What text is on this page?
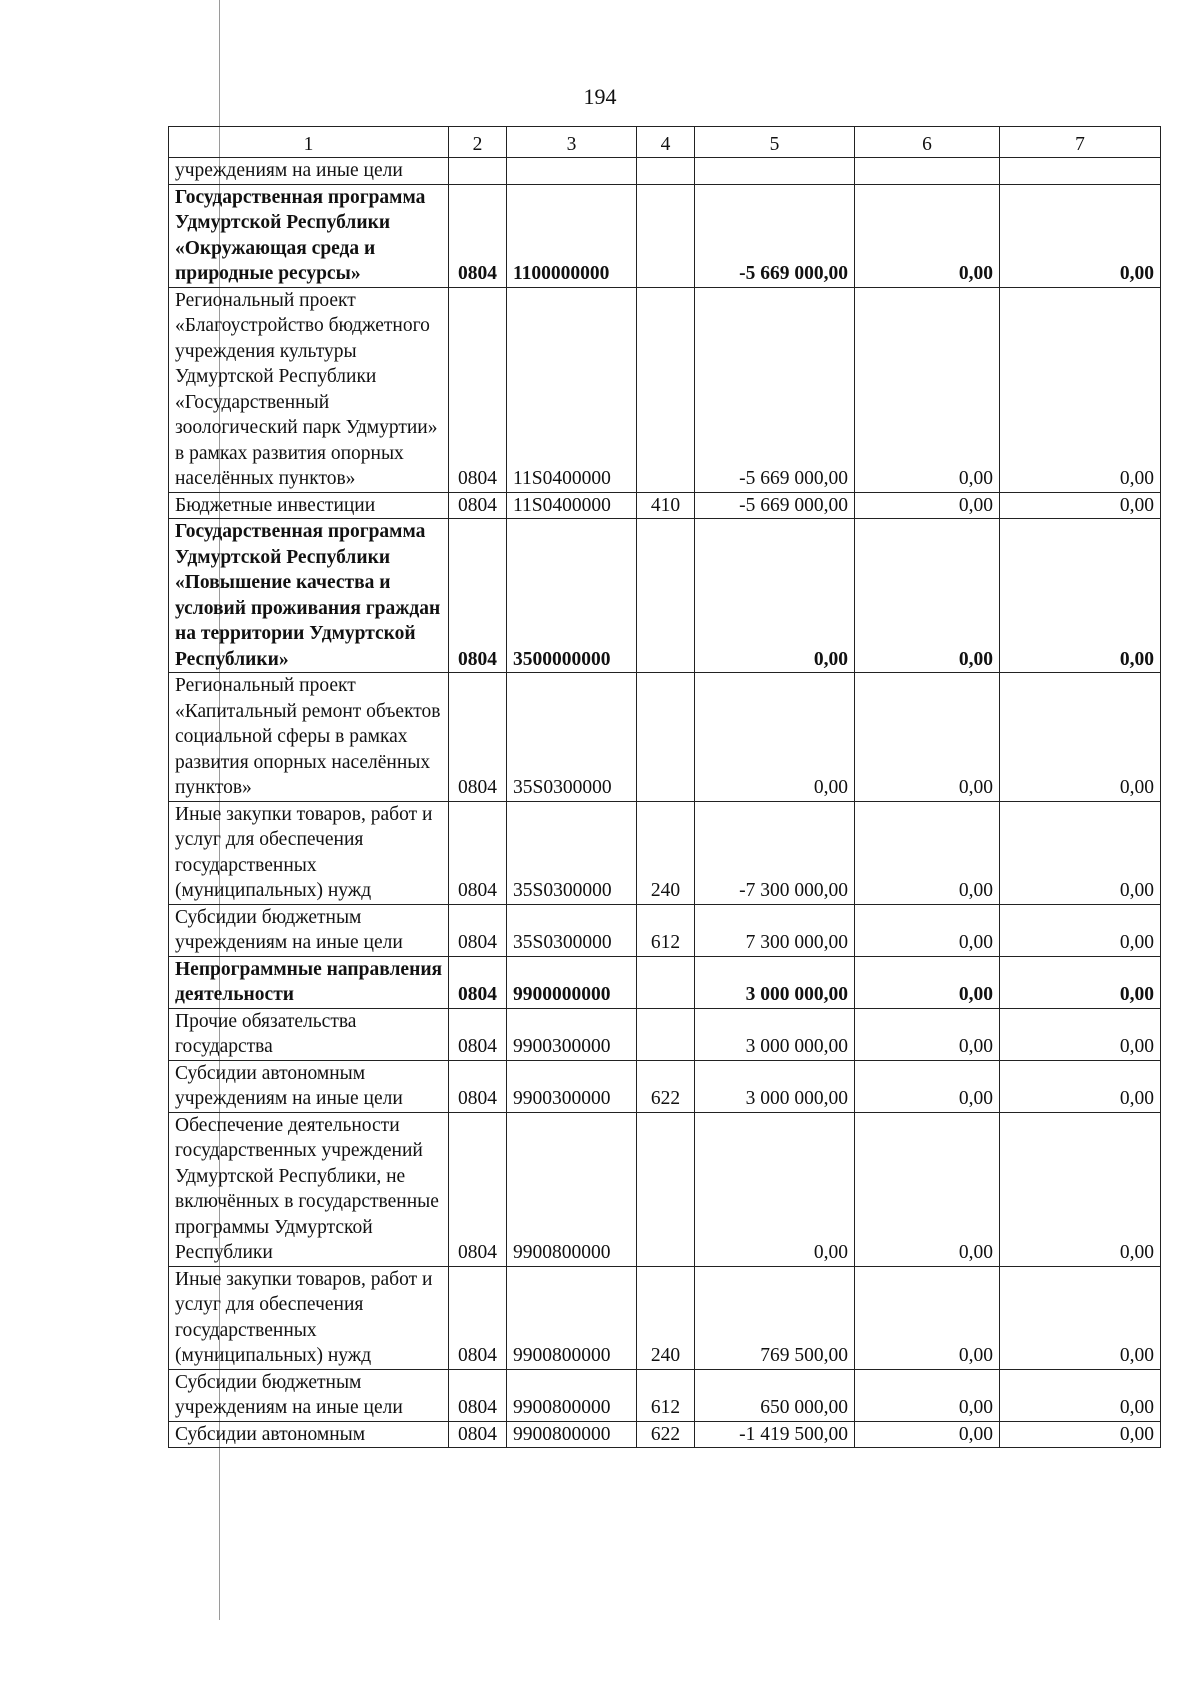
194
1	2	3	4	5	6	7
учреждениям на иные цели						
Государственная программа Удмуртской Республики «Окружающая среда и природные ресурсы»	0804	1100000000		-5 669 000,00	0,00	0,00
Региональный проект «Благоустройство бюджетного учреждения культуры Удмуртской Республики «Государственный зоологический парк Удмуртии» в рамках развития опорных населённых пунктов»	0804	11S0400000		-5 669 000,00	0,00	0,00
Бюджетные инвестиции	0804	11S0400000	410	-5 669 000,00	0,00	0,00
Государственная программа Удмуртской Республики «Повышение качества и условий проживания граждан на территории Удмуртской Республики»	0804	3500000000		0,00	0,00	0,00
Региональный проект «Капитальный ремонт объектов социальной сферы в рамках развития опорных населённых пунктов»	0804	35S0300000		0,00	0,00	0,00
Иные закупки товаров, работ и услуг для обеспечения государственных (муниципальных) нужд	0804	35S0300000	240	-7 300 000,00	0,00	0,00
Субсидии бюджетным учреждениям на иные цели	0804	35S0300000	612	7 300 000,00	0,00	0,00
Непрограммные направления деятельности	0804	9900000000		3 000 000,00	0,00	0,00
Прочие обязательства государства	0804	9900300000		3 000 000,00	0,00	0,00
Субсидии автономным учреждениям на иные цели	0804	9900300000	622	3 000 000,00	0,00	0,00
Обеспечение деятельности государственных учреждений Удмуртской Республики, не включённых в государственные программы Удмуртской Республики	0804	9900800000		0,00	0,00	0,00
Иные закупки товаров, работ и услуг для обеспечения государственных (муниципальных) нужд	0804	9900800000	240	769 500,00	0,00	0,00
Субсидии бюджетным учреждениям на иные цели	0804	9900800000	612	650 000,00	0,00	0,00
Субсидии автономным	0804	9900800000	622	-1 419 500,00	0,00	0,00
